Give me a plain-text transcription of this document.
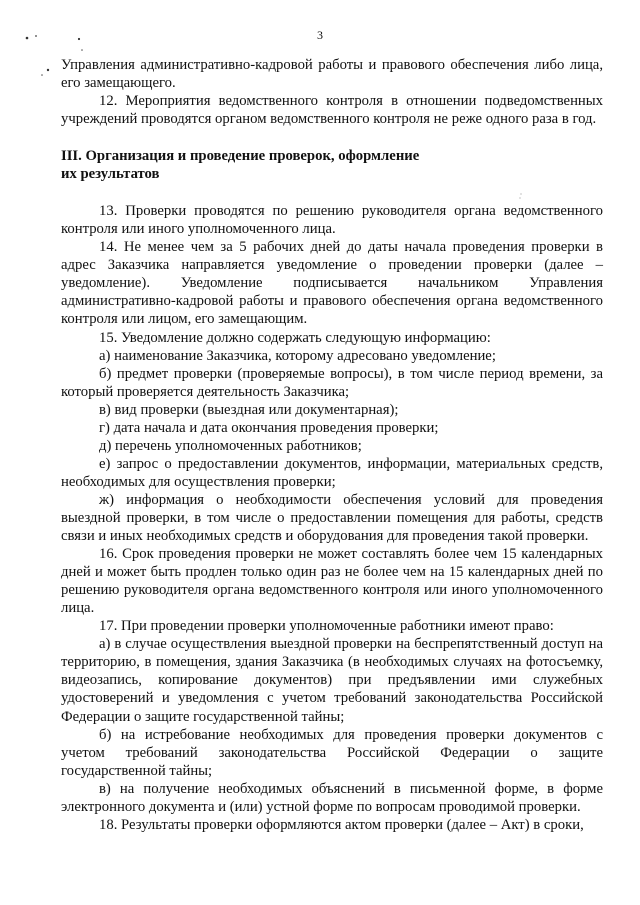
3

Управления административно-кадровой работы и правового обеспечения либо лица, его замещающего.

12. Мероприятия ведомственного контроля в отношении подведомственных учреждений проводятся органом ведомственного контроля не реже одного раза в год.

III. Организация и проведение проверок, оформление
их результатов

13. Проверки проводятся по решению руководителя органа ведомственного контроля или иного уполномоченного лица.

14. Не менее чем за 5 рабочих дней до даты начала проведения проверки в адрес Заказчика направляется уведомление о проведении проверки (далее – уведомление). Уведомление подписывается начальником Управления административно-кадровой работы и правового обеспечения органа ведомственного контроля или лицом, его замещающим.

15. Уведомление должно содержать следующую информацию:

а) наименование Заказчика, которому адресовано уведомление;

б) предмет проверки (проверяемые вопросы), в том числе период времени, за который проверяется деятельность Заказчика;

в) вид проверки (выездная или документарная);

г) дата начала и дата окончания проведения проверки;

д) перечень уполномоченных работников;

е) запрос о предоставлении документов, информации, материальных средств, необходимых для осуществления проверки;

ж) информация о необходимости обеспечения условий для проведения выездной проверки, в том числе о предоставлении помещения для работы, средств связи и иных необходимых средств и оборудования для проведения такой проверки.

16. Срок проведения проверки не может составлять более чем 15 календарных дней и может быть продлен только один раз не более чем на 15 календарных дней по решению руководителя органа ведомственного контроля или иного уполномоченного лица.

17. При проведении проверки уполномоченные работники имеют право:

а) в случае осуществления выездной проверки на беспрепятственный доступ на территорию, в помещения, здания Заказчика (в необходимых случаях на фотосъемку, видеозапись, копирование документов) при предъявлении ими служебных удостоверений и уведомления с учетом требований законодательства Российской Федерации о защите государственной тайны;

б) на истребование необходимых для проведения проверки документов с учетом требований законодательства Российской Федерации о защите государственной тайны;

в) на получение необходимых объяснений в письменной форме, в форме электронного документа и (или) устной форме по вопросам проводимой проверки.

18. Результаты проверки оформляются актом проверки (далее – Акт) в сроки,
